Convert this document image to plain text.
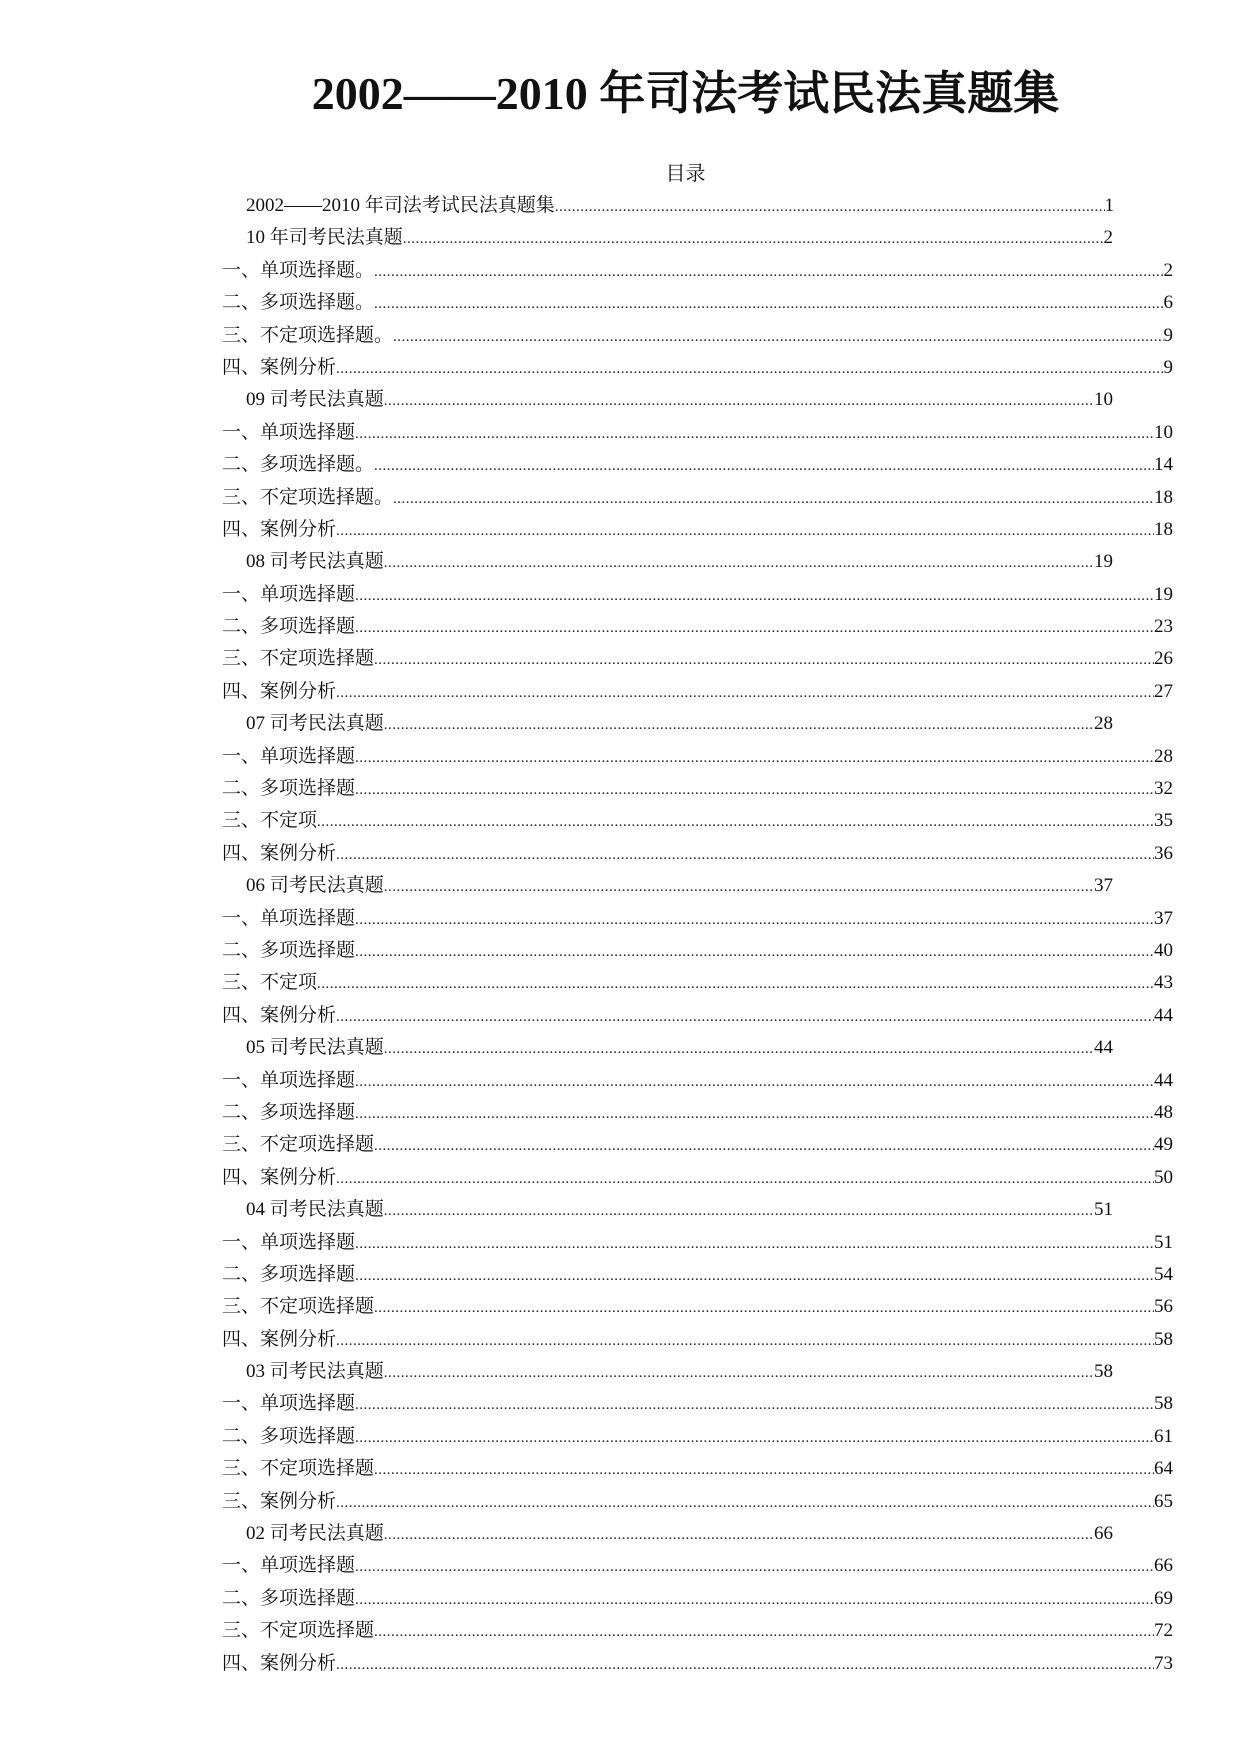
2002——2010 年司法考试民法真题集
目录
2002——2010 年司法考试民法真题集 .....	1
10 年司考民法真题 .....	2
一、单项选择题。 .....	2
二、多项选择题。 .....	6
三、不定项选择题。 .....	9
四、案例分析 .....	9
09 司考民法真题 .....	10
一、单项选择题 .....	10
二、多项选择题。 .....	14
三、不定项选择题。 .....	18
四、案例分析 .....	18
08 司考民法真题 .....	19
一、单项选择题 .....	19
二、多项选择题 .....	23
三、不定项选择题 .....	26
四、案例分析 .....	27
07 司考民法真题 .....	28
一、单项选择题 .....	28
二、多项选择题 .....	32
三、不定项 .....	35
四、案例分析 .....	36
06 司考民法真题 .....	37
一、单项选择题 .....	37
二、多项选择题 .....	40
三、不定项 .....	43
四、案例分析 .....	44
05 司考民法真题 .....	44
一、单项选择题 .....	44
二、多项选择题 .....	48
三、不定项选择题 .....	49
四、案例分析 .....	50
04 司考民法真题 .....	51
一、单项选择题 .....	51
二、多项选择题 .....	54
三、不定项选择题 .....	56
四、案例分析 .....	58
03 司考民法真题 .....	58
一、单项选择题 .....	58
二、多项选择题 .....	61
三、不定项选择题 .....	64
三、案例分析 .....	65
02 司考民法真题 .....	66
一、单项选择题 .....	66
二、多项选择题 .....	69
三、不定项选择题 .....	72
四、案例分析 .....	73
